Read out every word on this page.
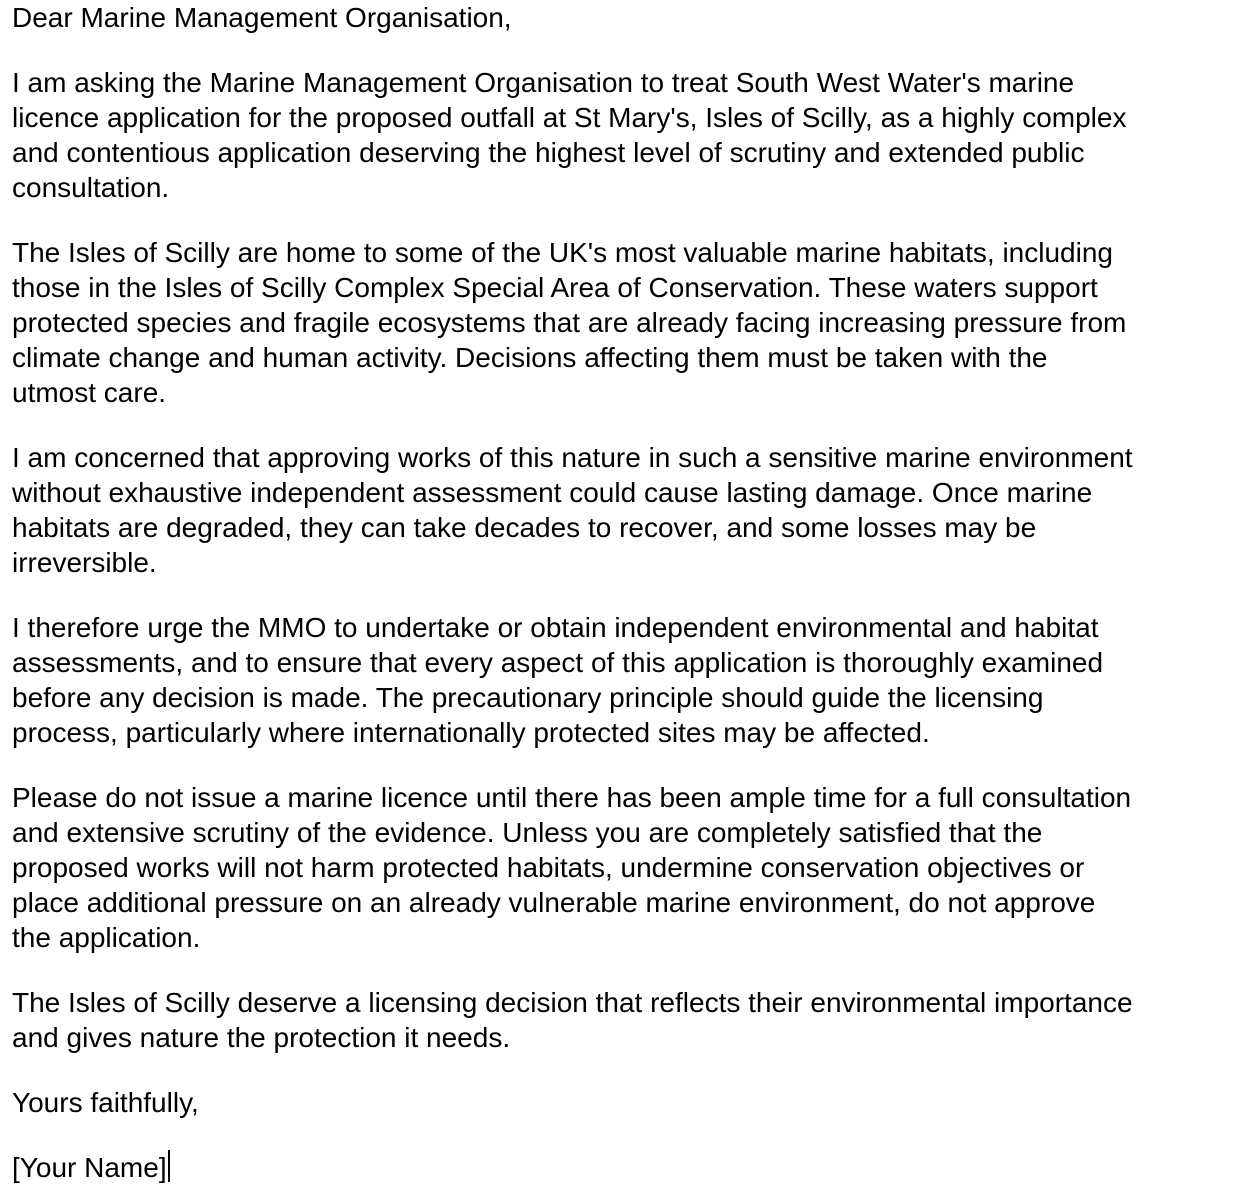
Dear Marine Management Organisation,
I am asking the Marine Management Organisation to treat South West Water's marine
licence application for the proposed outfall at St Mary's, Isles of Scilly, as a highly complex
and contentious application deserving the highest level of scrutiny and extended public
consultation.
The Isles of Scilly are home to some of the UK's most valuable marine habitats, including
those in the Isles of Scilly Complex Special Area of Conservation. These waters support
protected species and fragile ecosystems that are already facing increasing pressure from
climate change and human activity. Decisions affecting them must be taken with the
utmost care.
I am concerned that approving works of this nature in such a sensitive marine environment
without exhaustive independent assessment could cause lasting damage. Once marine
habitats are degraded, they can take decades to recover, and some losses may be
irreversible.
I therefore urge the MMO to undertake or obtain independent environmental and habitat
assessments, and to ensure that every aspect of this application is thoroughly examined
before any decision is made. The precautionary principle should guide the licensing
process, particularly where internationally protected sites may be affected.
Please do not issue a marine licence until there has been ample time for a full consultation
and extensive scrutiny of the evidence. Unless you are completely satisfied that the
proposed works will not harm protected habitats, undermine conservation objectives or
place additional pressure on an already vulnerable marine environment, do not approve
the application.
The Isles of Scilly deserve a licensing decision that reflects their environmental importance
and gives nature the protection it needs.
Yours faithfully,
[Your Name]
